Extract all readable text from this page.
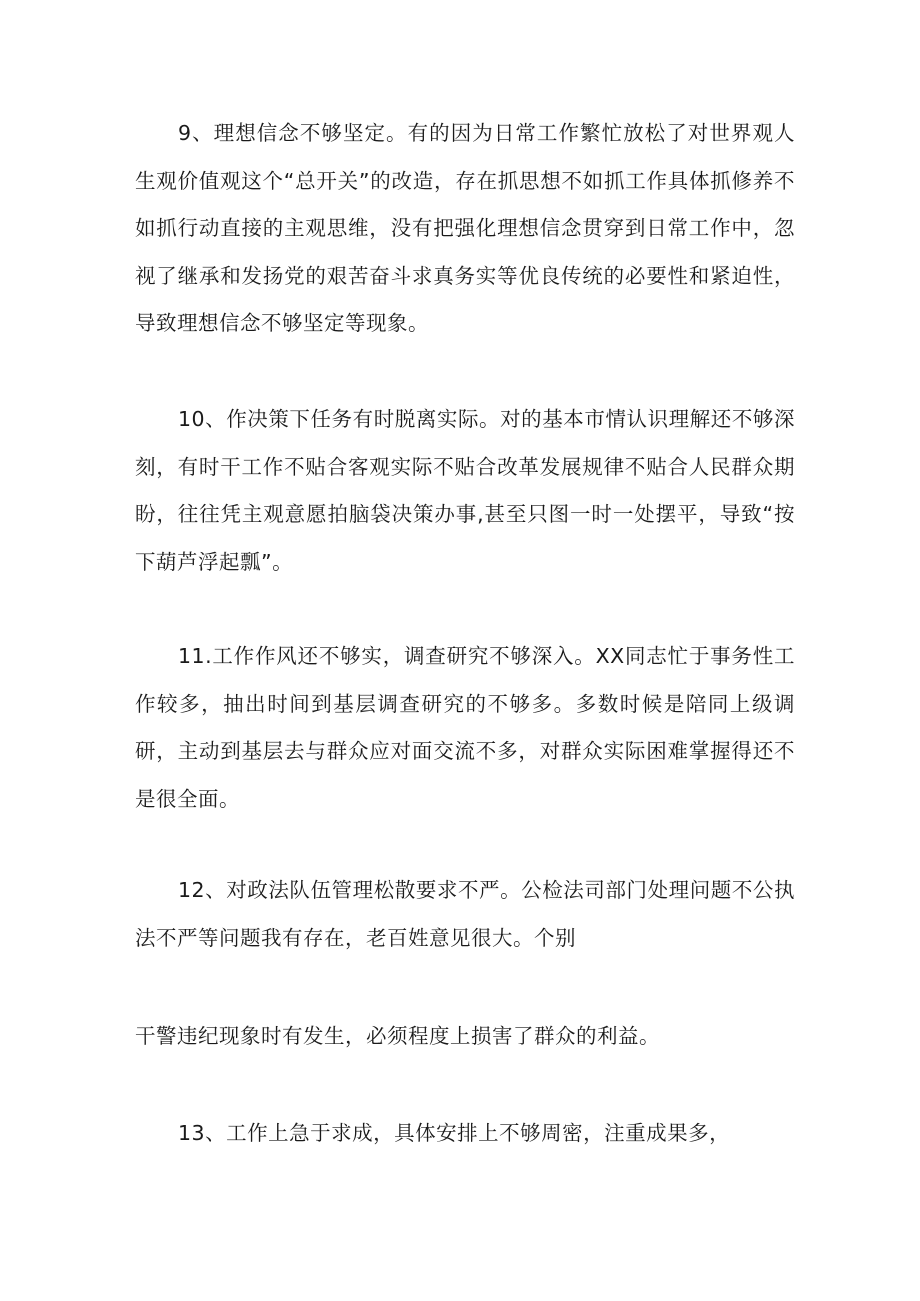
9、理想信念不够坚定。有的因为日常工作繁忙放松了对世界观人生观价值观这个“总开关”的改造，存在抓思想不如抓工作具体抓修养不如抓行动直接的主观思维，没有把强化理想信念贯穿到日常工作中，忽视了继承和发扬党的艰苦奋斗求真务实等优良传统的必要性和紧迫性，导致理想信念不够坚定等现象。

10、作决策下任务有时脱离实际。对的基本市情认识理解还不够深刻，有时干工作不贴合客观实际不贴合改革发展规律不贴合人民群众期盼，往往凭主观意愿拍脑袋决策办事,甚至只图一时一处摆平，导致“按下葫芦浮起瓢”。

11.工作作风还不够实，调查研究不够深入。XX同志忙于事务性工作较多，抽出时间到基层调查研究的不够多。多数时候是陪同上级调研，主动到基层去与群众应对面交流不多，对群众实际困难掌握得还不是很全面。

12、对政法队伍管理松散要求不严。公检法司部门处理问题不公执法不严等问题我有存在，老百姓意见很大。个别

干警违纪现象时有发生，必须程度上损害了群众的利益。

13、工作上急于求成，具体安排上不够周密，注重成果多，
